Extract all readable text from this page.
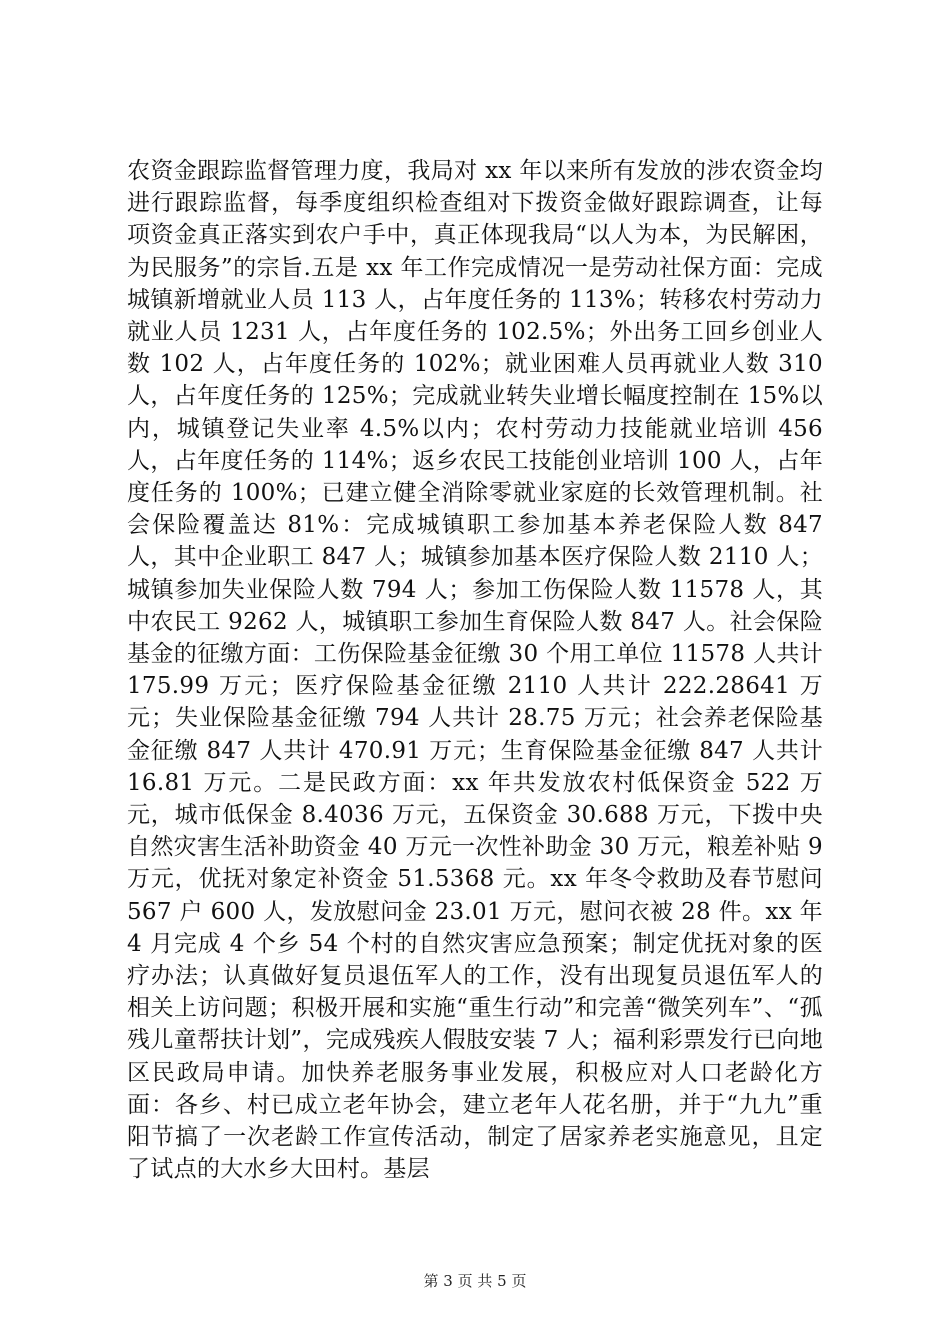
农资金跟踪监督管理力度，我局对 xx 年以来所有发放的涉农资金均进行跟踪监督，每季度组织检查组对下拨资金做好跟踪调查，让每项资金真正落实到农户手中，真正体现我局“以人为本，为民解困，为民服务”的宗旨.五是 xx 年工作完成情况一是劳动社保方面：完成城镇新增就业人员 113 人，占年度任务的 113%；转移农村劳动力就业人员 1231 人，占年度任务的 102.5%；外出务工回乡创业人数 102 人，占年度任务的 102%；就业困难人员再就业人数 310 人，占年度任务的 125%；完成就业转失业增长幅度控制在 15%以内，城镇登记失业率 4.5%以内；农村劳动力技能就业培训 456 人，占年度任务的 114%；返乡农民工技能创业培训 100 人，占年度任务的 100%；已建立健全消除零就业家庭的长效管理机制。社会保险覆盖达 81%：完成城镇职工参加基本养老保险人数 847 人，其中企业职工 847 人；城镇参加基本医疗保险人数 2110 人；城镇参加失业保险人数 794 人；参加工伤保险人数 11578 人，其中农民工 9262 人，城镇职工参加生育保险人数 847 人。社会保险基金的征缴方面：工伤保险基金征缴 30 个用工单位 11578 人共计 175.99 万元；医疗保险基金征缴 2110 人共计 222.28641 万元；失业保险基金征缴 794 人共计 28.75 万元；社会养老保险基金征缴 847 人共计 470.91 万元；生育保险基金征缴 847 人共计 16.81 万元。二是民政方面：xx 年共发放农村低保资金 522 万元，城市低保金 8.4036 万元，五保资金 30.688 万元，下拨中央自然灾害生活补助资金 40 万元一次性补助金 30 万元，粮差补贴 9 万元，优抚对象定补资金 51.5368 元。xx 年冬令救助及春节慰问 567 户 600 人，发放慰问金 23.01 万元，慰问衣被 28 件。xx 年 4 月完成 4 个乡 54 个村的自然灾害应急预案；制定优抚对象的医疗办法；认真做好复员退伍军人的工作，没有出现复员退伍军人的相关上访问题；积极开展和实施“重生行动”和完善“微笑列车”、“孤残儿童帮扶计划”，完成残疾人假肢安装 7 人；福利彩票发行已向地区民政局申请。加快养老服务事业发展，积极应对人口老龄化方面：各乡、村已成立老年协会，建立老年人花名册，并于“九九”重阳节搞了一次老龄工作宣传活动，制定了居家养老实施意见，且定了试点的大水乡大田村。基层

第 3 页 共 5 页
